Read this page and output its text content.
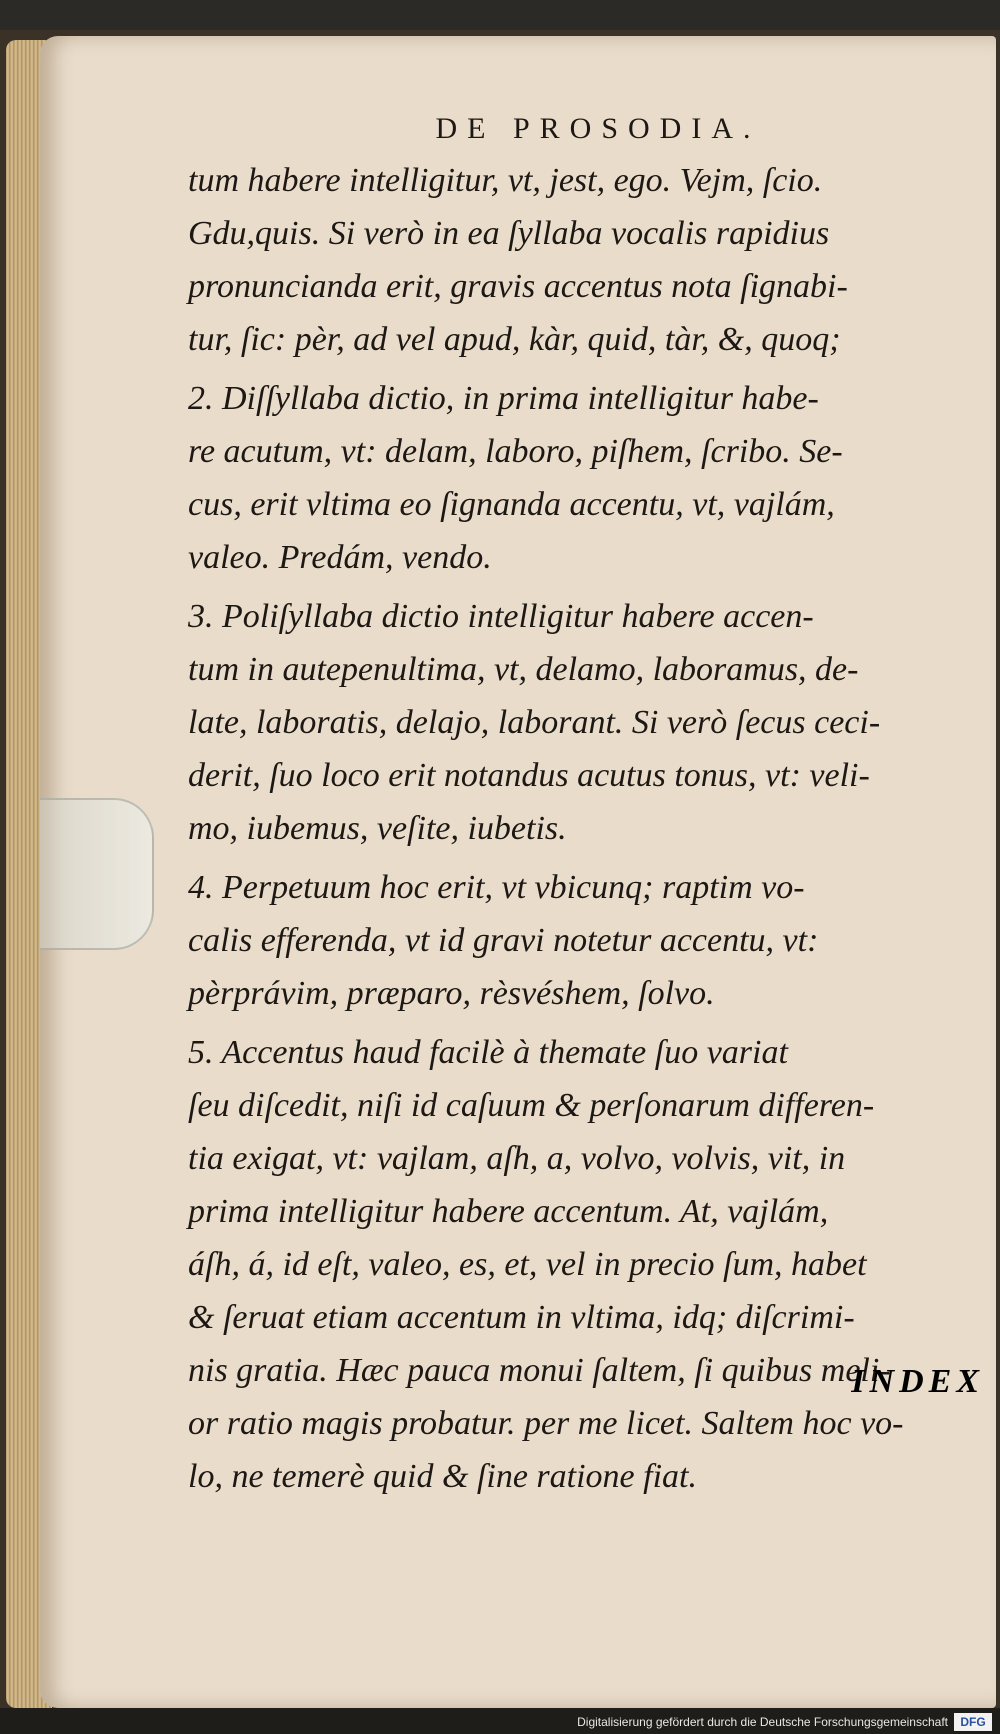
DE PROSODIA.
tum habere intelligitur, vt, jest, ego. Vejm, ſcio.
Gdu,quis. Si verò in ea ſyllaba vocalis rapidius
pronuncianda erit, gravis accentus nota ſignabi-
tur, ſic: pèr, ad vel apud, kàr, quid, tàr, &, quoq;
2. Diſſyllaba dictio, in prima intelligitur habe-
re acutum, vt: delam, laboro, piſhem, ſcribo. Se-
cus, erit vltima eo ſignanda accentu, vt, vajlám,
valeo. Predám, vendo.
3. Poliſyllaba dictio intelligitur habere accen-
tum in autepenultima, vt, delamo, laboramus, de-
late, laboratis, delajo, laborant. Si verò ſecus ceci-
derit, ſuo loco erit notandus acutus tonus, vt: veli-
mo, iubemus, veſite, iubetis.
4. Perpetuum hoc erit, vt vbicunq; raptim vo-
calis efferenda, vt id gravi notetur accentu, vt:
pèrprávim, præparo, rèsvéshem, ſolvo.
5. Accentus haud facilè à themate ſuo variat
ſeu diſcedit, niſi id caſuum & perſonarum differen-
tia exigat, vt: vajlam, aſh, a, volvo, volvis, vit, in
prima intelligitur habere accentum. At, vajlám,
áſh, á, id eſt, valeo, es, et, vel in precio ſum, habet
& ſeruat etiam accentum in vltima, idq; diſcrimi-
nis gratia. Hæc pauca monui ſaltem, ſi quibus meli-
or ratio magis probatur. per me licet. Saltem hoc vo-
lo, ne temerè quid & ſine ratione fiat.
INDEX
Digitalisierung gefördert durch die Deutsche Forschungsgemeinschaft	DFG
